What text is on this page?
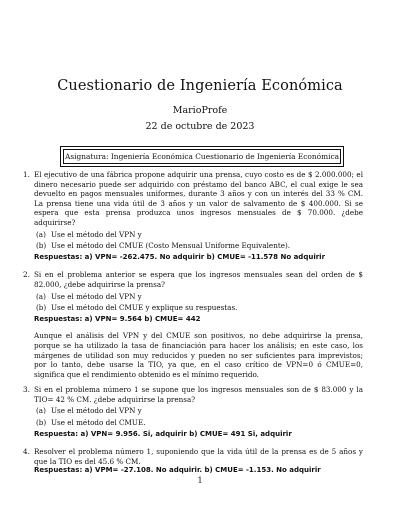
Cuestionario de Ingeniería Económica
MarioProfe
22 de octubre de 2023
Asignatura: Ingeniería Económica Cuestionario de Ingeniería Económica
1. El ejecutivo de una fábrica propone adquirir una prensa, cuyo costo es de $ 2.000.000; el dinero necesario puede ser adquirido con préstamo del banco ABC, el cual exige le sea devuelto en pagos mensuales uniformes, durante 3 años y con un interés del 33 % CM. La prensa tiene una vida útil de 3 años y un valor de salvamento de $ 400.000. Si se espera que esta prensa produzca unos ingresos mensuales de $ 70.000. ¿debe adquirirse?
(a) Use el método del VPN y
(b) Use el método del CMUE (Costo Mensual Uniforme Equivalente).
Respuestas: a) VPN= -262.475. No adquirir b) CMUE= -11.578 No adquirir
2. Si en el problema anterior se espera que los ingresos mensuales sean del orden de $ 82.000, ¿debe adquirirse la prensa?
(a) Use el método del VPN y
(b) Use el método del CMUE y explique su respuestas.
Respuestas: a) VPN= 9.564 b) CMUE= 442
Aunque el análisis del VPN y del CMUE son positivos, no debe adquirirse la prensa, porque se ha utilizado la tasa de financiación para hacer los análisis; en este caso, los márgenes de utilidad son muy reducidos y pueden no ser suficientes para imprevistos; por lo tanto, debe usarse la TIO, ya que, en el caso crítico de VPN=0 ó CMUE=0, significa que el rendimiento obtenido es el mínimo requerido.
3. Si en el problema número 1 se supone que los ingresos mensuales son de $ 83.000 y la TIO= 42 % CM. ¿debe adquirirse la prensa?
(a) Use el método del VPN y
(b) Use el método del CMUE.
Respuesta: a) VPN= 9.956. Si, adquirir b) CMUE= 491 Si, adquirir
4. Resolver el problema número 1, suponiendo que la vida útil de la prensa es de 5 años y que la TIO es del 45.6 % CM.
Respuestas: a) VPM= -27.108. No adquirir. b) CMUE= -1.153. No adquirir
1
